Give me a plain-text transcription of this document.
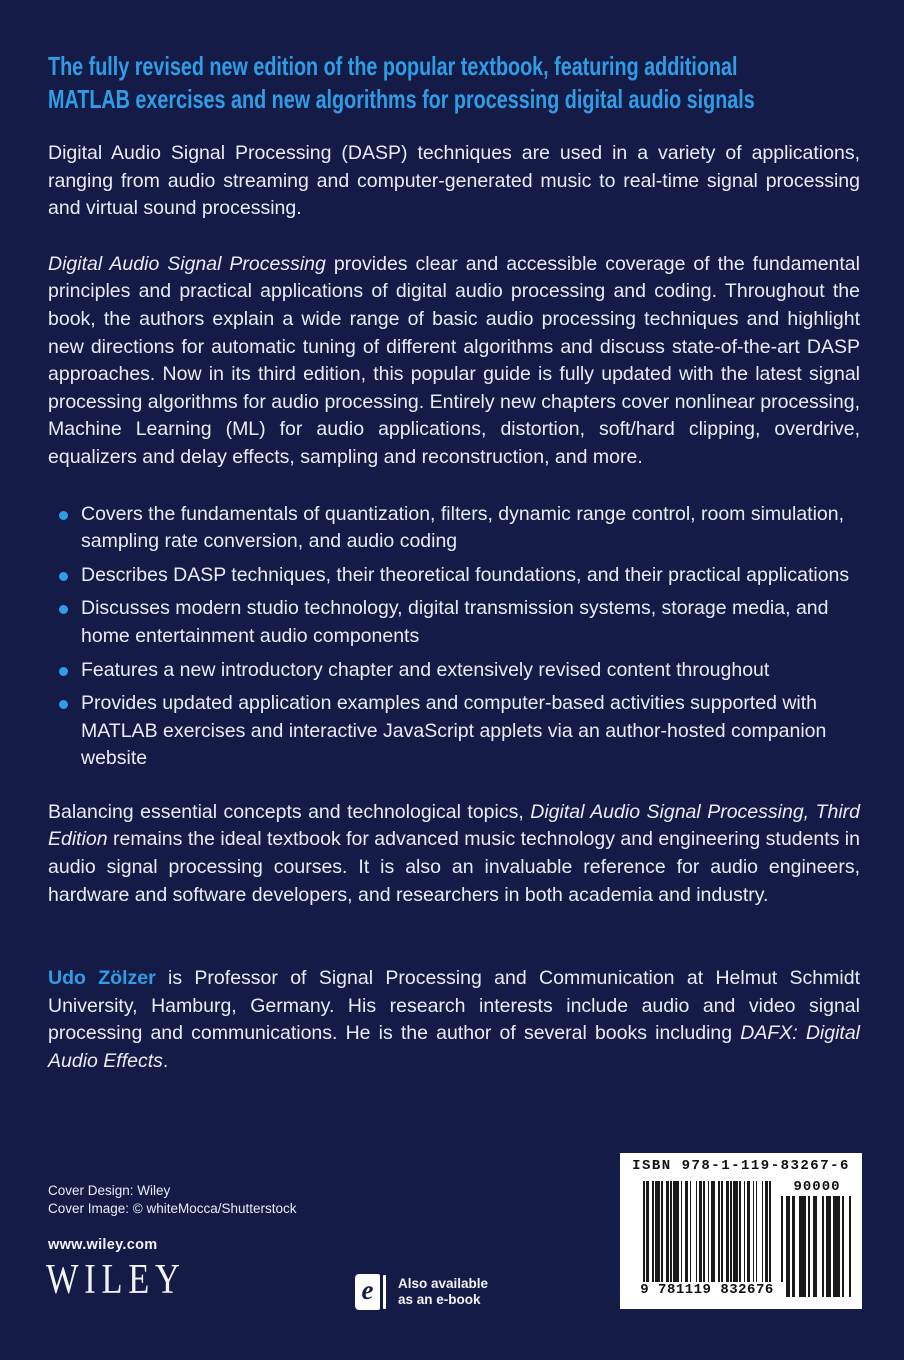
The fully revised new edition of the popular textbook, featuring additional
MATLAB exercises and new algorithms for processing digital audio signals

Digital Audio Signal Processing (DASP) techniques are used in a variety of applications, ranging from audio streaming and computer-generated music to real-time signal processing and virtual sound processing.

Digital Audio Signal Processing provides clear and accessible coverage of the fundamental principles and practical applications of digital audio processing and coding. Throughout the book, the authors explain a wide range of basic audio processing techniques and highlight new directions for automatic tuning of different algorithms and discuss state-of-the-art DASP approaches. Now in its third edition, this popular guide is fully updated with the latest signal processing algorithms for audio processing. Entirely new chapters cover nonlinear processing, Machine Learning (ML) for audio applications, distortion, soft/hard clipping, overdrive, equalizers and delay effects, sampling and reconstruction, and more.

Covers the fundamentals of quantization, filters, dynamic range control, room simulation, sampling rate conversion, and audio coding
Describes DASP techniques, their theoretical foundations, and their practical applications
Discusses modern studio technology, digital transmission systems, storage media, and home entertainment audio components
Features a new introductory chapter and extensively revised content throughout
Provides updated application examples and computer-based activities supported with MATLAB exercises and interactive JavaScript applets via an author-hosted companion website

Balancing essential concepts and technological topics, Digital Audio Signal Processing, Third Edition remains the ideal textbook for advanced music technology and engineering students in audio signal processing courses. It is also an invaluable reference for audio engineers, hardware and software developers, and researchers in both academia and industry.

Udo Zölzer is Professor of Signal Processing and Communication at Helmut Schmidt University, Hamburg, Germany. His research interests include audio and video signal processing and communications. He is the author of several books including DAFX: Digital Audio Effects.

Cover Design: Wiley
Cover Image: © whiteMocca/Shutterstock
www.wiley.com
WILEY	e Also available
as an e-book
ISBN 978-1-119-83267-6
90000
9 781119 832676
